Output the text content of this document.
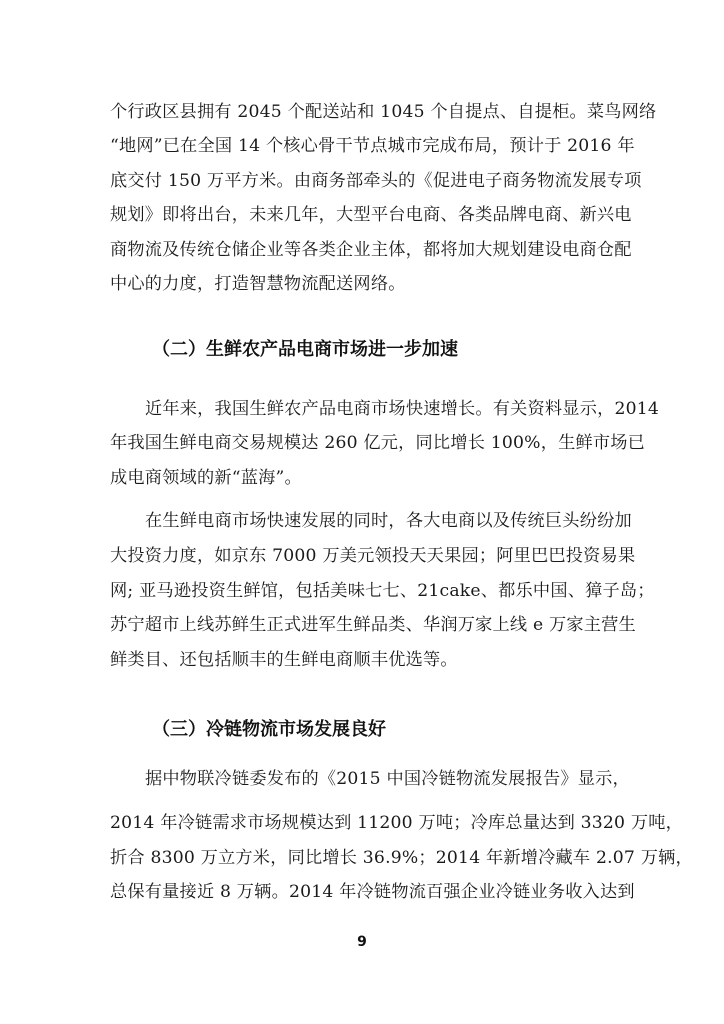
个行政区县拥有 2045 个配送站和 1045 个自提点、自提柜。菜鸟网络
“地网”已在全国 14 个核心骨干节点城市完成布局，预计于 2016 年
底交付 150 万平方米。由商务部牵头的《促进电子商务物流发展专项
规划》即将出台，未来几年，大型平台电商、各类品牌电商、新兴电
商物流及传统仓储企业等各类企业主体，都将加大规划建设电商仓配
中心的力度，打造智慧物流配送网络。
（二）生鲜农产品电商市场进一步加速
近年来，我国生鲜农产品电商市场快速增长。有关资料显示，2014
年我国生鲜电商交易规模达 260 亿元，同比增长 100%，生鲜市场已
成电商领域的新“蓝海”。
在生鲜电商市场快速发展的同时，各大电商以及传统巨头纷纷加
大投资力度，如京东 7000 万美元领投天天果园；阿里巴巴投资易果
网; 亚马逊投资生鲜馆，包括美味七七、21cake、都乐中国、獐子岛；
苏宁超市上线苏鲜生正式进军生鲜品类、华润万家上线 e 万家主营生
鲜类目、还包括顺丰的生鲜电商顺丰优选等。
（三）冷链物流市场发展良好
据中物联冷链委发布的《2015 中国冷链物流发展报告》显示，
2014 年冷链需求市场规模达到 11200 万吨；冷库总量达到 3320 万吨，
折合 8300 万立方米，同比增长 36.9%；2014 年新增冷藏车 2.07 万辆，
总保有量接近 8 万辆。2014 年冷链物流百强企业冷链业务收入达到
9
